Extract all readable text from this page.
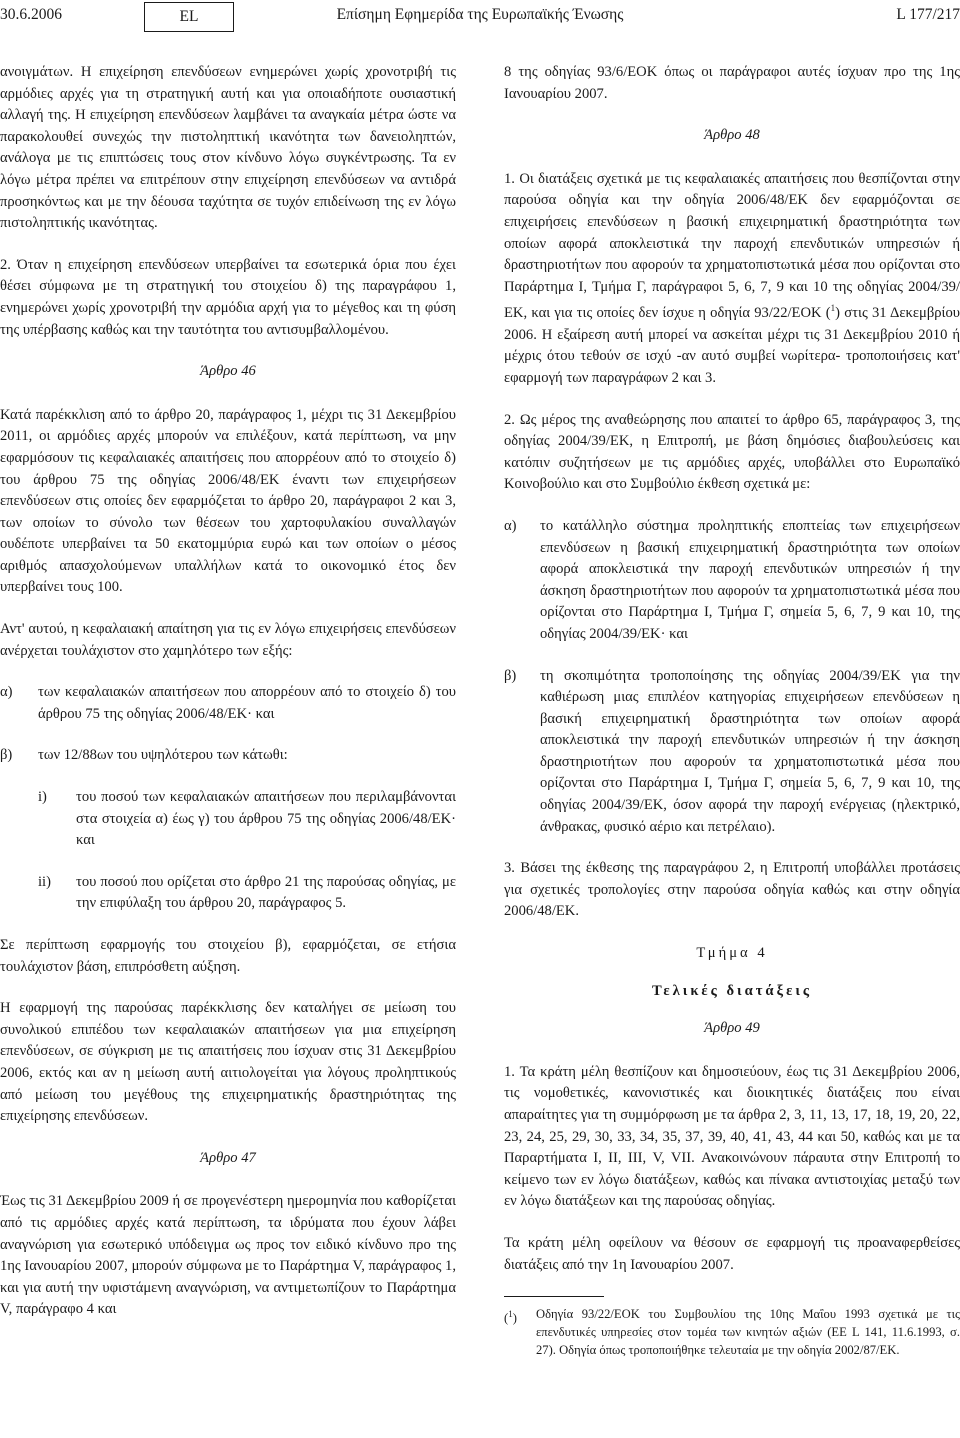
30.6.2006	EL	Επίσημη Εφημερίδα της Ευρωπαϊκής Ένωσης	L 177/217

ανοιγμάτων. Η επιχείρηση επενδύσεων ενημερώνει χωρίς χρονοτριβή τις αρμόδιες αρχές για τη στρατηγική αυτή και για οποιαδήποτε ουσιαστική αλλαγή της. Η επιχείρηση επενδύσεων λαμβάνει τα αναγκαία μέτρα ώστε να παρακολουθεί συνεχώς την πιστοληπτική ικανότητα των δανειοληπτών, ανάλογα με τις επιπτώσεις τους στον κίνδυνο λόγω συγκέντρωσης. Τα εν λόγω μέτρα πρέπει να επιτρέπουν στην επιχείρηση επενδύσεων να αντιδρά προσηκόντως και με την δέουσα ταχύτητα σε τυχόν επιδείνωση της εν λόγω πιστοληπτικής ικανότητας.

2. Όταν η επιχείρηση επενδύσεων υπερβαίνει τα εσωτερικά όρια που έχει θέσει σύμφωνα με τη στρατηγική του στοιχείου δ) της παραγράφου 1, ενημερώνει χωρίς χρονοτριβή την αρμόδια αρχή για το μέγεθος και τη φύση της υπέρβασης καθώς και την ταυτότητα του αντισυμβαλλομένου.

Άρθρο 46

Κατά παρέκκλιση από το άρθρο 20, παράγραφος 1, μέχρι τις 31 Δεκεμβρίου 2011, οι αρμόδιες αρχές μπορούν να επιλέξουν, κατά περίπτωση, να μην εφαρμόσουν τις κεφαλαιακές απαιτήσεις που απορρέουν από το στοιχείο δ) του άρθρου 75 της οδηγίας 2006/48/ΕΚ έναντι των επιχειρήσεων επενδύσεων στις οποίες δεν εφαρμόζεται το άρθρο 20, παράγραφοι 2 και 3, των οποίων το σύνολο των θέσεων του χαρτοφυλακίου συναλλαγών ουδέποτε υπερβαίνει τα 50 εκατομμύρια ευρώ και των οποίων ο μέσος αριθμός απασχολούμενων υπαλλήλων κατά το οικονομικό έτος δεν υπερβαίνει τους 100.

Αντ' αυτού, η κεφαλαιακή απαίτηση για τις εν λόγω επιχειρήσεις επενδύσεων ανέρχεται τουλάχιστον στο χαμηλότερο των εξής:

α)	των κεφαλαιακών απαιτήσεων που απορρέουν από το στοιχείο δ) του άρθρου 75 της οδηγίας 2006/48/ΕΚ· και
β)	των 12/88ων του υψηλότερου των κάτωθι:
i)	του ποσού των κεφαλαιακών απαιτήσεων που περιλαμβάνονται στα στοιχεία α) έως γ) του άρθρου 75 της οδηγίας 2006/48/ΕΚ· και
ii)	του ποσού που ορίζεται στο άρθρο 21 της παρούσας οδηγίας, με την επιφύλαξη του άρθρου 20, παράγραφος 5.

Σε περίπτωση εφαρμογής του στοιχείου β), εφαρμόζεται, σε ετήσια τουλάχιστον βάση, επιπρόσθετη αύξηση.

Η εφαρμογή της παρούσας παρέκκλισης δεν καταλήγει σε μείωση του συνολικού επιπέδου των κεφαλαιακών απαιτήσεων για μια επιχείρηση επενδύσεων, σε σύγκριση με τις απαιτήσεις που ίσχυαν στις 31 Δεκεμβρίου 2006, εκτός και αν η μείωση αυτή αιτιολογείται για λόγους προληπτικούς από μείωση του μεγέθους της επιχειρηματικής δραστηριότητας της επιχείρησης επενδύσεων.

Άρθρο 47

Έως τις 31 Δεκεμβρίου 2009 ή σε προγενέστερη ημερομηνία που καθορίζεται από τις αρμόδιες αρχές κατά περίπτωση, τα ιδρύματα που έχουν λάβει αναγνώριση για εσωτερικό υπόδειγμα ως προς τον ειδικό κίνδυνο προ της 1ης Ιανουαρίου 2007, μπορούν σύμφωνα με το Παράρτημα V, παράγραφος 1, και για αυτή την υφιστάμενη αναγνώριση, να αντιμετωπίζουν το Παράρτημα V, παράγραφο 4 και

8 της οδηγίας 93/6/ΕΟΚ όπως οι παράγραφοι αυτές ίσχυαν προ της 1ης Ιανουαρίου 2007.

Άρθρο 48

1. Οι διατάξεις σχετικά με τις κεφαλαιακές απαιτήσεις που θεσπίζονται στην παρούσα οδηγία και την οδηγία 2006/48/ΕΚ δεν εφαρμόζονται σε επιχειρήσεις επενδύσεων η βασική επιχειρηματική δραστηριότητα των οποίων αφορά αποκλειστικά την παροχή επενδυτικών υπηρεσιών ή δραστηριοτήτων που αφορούν τα χρηματοπιστωτικά μέσα που ορίζονται στο Παράρτημα Ι, Τμήμα Γ, παράγραφοι 5, 6, 7, 9 και 10 της οδηγίας 2004/39/ΕΚ, και για τις οποίες δεν ίσχυε η οδηγία 93/22/ΕΟΚ ($^1$) στις 31 Δεκεμβρίου 2006. Η εξαίρεση αυτή μπορεί να ασκείται μέχρι τις 31 Δεκεμβρίου 2010 ή μέχρις ότου τεθούν σε ισχύ -αν αυτό συμβεί νωρίτερα- τροποποιήσεις κατ' εφαρμογή των παραγράφων 2 και 3.

2. Ως μέρος της αναθεώρησης που απαιτεί το άρθρο 65, παράγραφος 3, της οδηγίας 2004/39/ΕΚ, η Επιτροπή, με βάση δημόσιες διαβουλεύσεις και κατόπιν συζητήσεων με τις αρμόδιες αρχές, υποβάλλει στο Ευρωπαϊκό Κοινοβούλιο και στο Συμβούλιο έκθεση σχετικά με:

α)	το κατάλληλο σύστημα προληπτικής εποπτείας των επιχειρήσεων επενδύσεων η βασική επιχειρηματική δραστηριότητα των οποίων αφορά αποκλειστικά την παροχή επενδυτικών υπηρεσιών ή την άσκηση δραστηριοτήτων που αφορούν τα χρηματοπιστωτικά μέσα που ορίζονται στο Παράρτημα Ι, Τμήμα Γ, σημεία 5, 6, 7, 9 και 10, της οδηγίας 2004/39/ΕΚ· και
β)	τη σκοπιμότητα τροποποίησης της οδηγίας 2004/39/ΕΚ για την καθιέρωση μιας επιπλέον κατηγορίας επιχειρήσεων επενδύσεων η βασική επιχειρηματική δραστηριότητα των οποίων αφορά αποκλειστικά την παροχή επενδυτικών υπηρεσιών ή την άσκηση δραστηριοτήτων που αφορούν τα χρηματοπιστωτικά μέσα που ορίζονται στο Παράρτημα Ι, Τμήμα Γ, σημεία 5, 6, 7, 9 και 10, της οδηγίας 2004/39/ΕΚ, όσον αφορά την παροχή ενέργειας (ηλεκτρικό, άνθρακας, φυσικό αέριο και πετρέλαιο).

3. Βάσει της έκθεσης της παραγράφου 2, η Επιτροπή υποβάλλει προτάσεις για σχετικές τροπολογίες στην παρούσα οδηγία καθώς και στην οδηγία 2006/48/ΕΚ.

Τμήμα 4
Τελικές διατάξεις
Άρθρο 49

1. Τα κράτη μέλη θεσπίζουν και δημοσιεύουν, έως τις 31 Δεκεμβρίου 2006, τις νομοθετικές, κανονιστικές και διοικητικές διατάξεις που είναι απαραίτητες για τη συμμόρφωση με τα άρθρα 2, 3, 11, 13, 17, 18, 19, 20, 22, 23, 24, 25, 29, 30, 33, 34, 35, 37, 39, 40, 41, 43, 44 και 50, καθώς και με τα Παραρτήματα Ι, ΙΙ, ΙΙΙ, V, VII. Ανακοινώνουν πάραυτα στην Επιτροπή το κείμενο των εν λόγω διατάξεων, καθώς και πίνακα αντιστοιχίας μεταξύ των εν λόγω διατάξεων και της παρούσας οδηγίας.

Τα κράτη μέλη οφείλουν να θέσουν σε εφαρμογή τις προαναφερθείσες διατάξεις από την 1η Ιανουαρίου 2007.

($^1$)	Οδηγία 93/22/ΕΟΚ του Συμβουλίου της 10ης Μαΐου 1993 σχετικά με τις επενδυτικές υπηρεσίες στον τομέα των κινητών αξιών (ΕΕ L 141, 11.6.1993, σ. 27). Οδηγία όπως τροποποιήθηκε τελευταία με την οδηγία 2002/87/ΕΚ.
